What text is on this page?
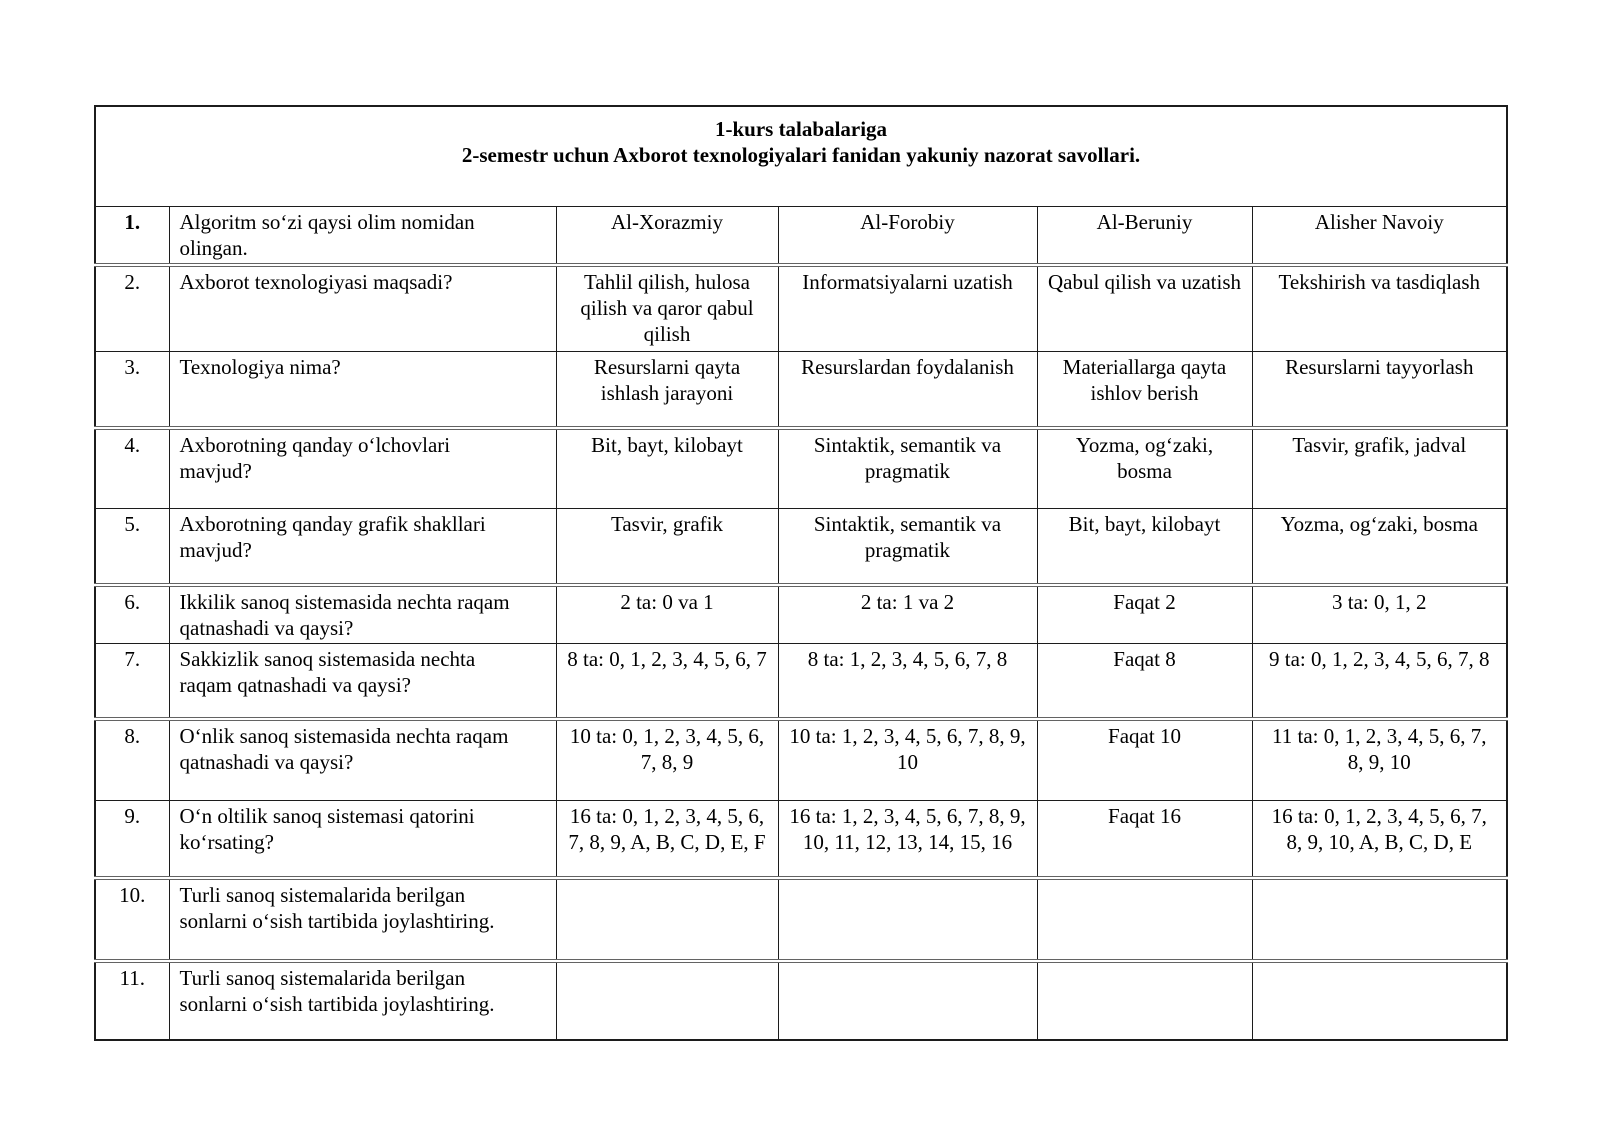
1-kurs talabalariga
2-semestr uchun Axborot texnologiyalari fanidan yakuniy nazorat savollari.					

1.	Algoritm so‘zi qaysi olim nomidan olingan.	Al-Xorazmiy	Al-Forobiy	Al-Beruniy	Alisher Navoiy
2.	Axborot texnologiyasi maqsadi?	Tahlil qilish, hulosa qilish va qaror qabul qilish	Informatsiyalarni uzatish	Qabul qilish va uzatish	Tekshirish va tasdiqlash
3.	Texnologiya nima?	Resurslarni qayta ishlash jarayoni	Resurslardan foydalanish	Materiallarga qayta ishlov berish	Resurslarni tayyorlash
4.	Axborotning qanday o‘lchovlari mavjud?	Bit, bayt, kilobayt	Sintaktik, semantik va pragmatik	Yozma, og‘zaki, bosma	Tasvir, grafik, jadval
5.	Axborotning qanday grafik shakllari mavjud?	Tasvir, grafik	Sintaktik, semantik va pragmatik	Bit, bayt, kilobayt	Yozma, og‘zaki, bosma
6.	Ikkilik sanoq sistemasida nechta raqam qatnashadi va qaysi?	2 ta: 0 va 1	2 ta: 1 va 2	Faqat 2	3 ta: 0, 1, 2
7.	Sakkizlik sanoq sistemasida nechta raqam qatnashadi va qaysi?	8 ta: 0, 1, 2, 3, 4, 5, 6, 7	8 ta: 1, 2, 3, 4, 5, 6, 7, 8	Faqat 8	9 ta: 0, 1, 2, 3, 4, 5, 6, 7, 8
8.	O‘nlik sanoq sistemasida nechta raqam qatnashadi va qaysi?	10 ta: 0, 1, 2, 3, 4, 5, 6, 7, 8, 9	10 ta: 1, 2, 3, 4, 5, 6, 7, 8, 9, 10	Faqat 10	11 ta: 0, 1, 2, 3, 4, 5, 6, 7, 8, 9, 10
9.	O‘n oltilik sanoq sistemasi qatorini ko‘rsating?	16 ta: 0, 1, 2, 3, 4, 5, 6, 7, 8, 9, A, B, C, D, E, F	16 ta: 1, 2, 3, 4, 5, 6, 7, 8, 9, 10, 11, 12, 13, 14, 15, 16	Faqat 16	16 ta: 0, 1, 2, 3, 4, 5, 6, 7, 8, 9, 10, A, B, C, D, E
10.	Turli sanoq sistemalarida berilgan sonlarni o‘sish tartibida joylashtiring.				
11.	Turli sanoq sistemalarida berilgan sonlarni o‘sish tartibida joylashtiring.				
